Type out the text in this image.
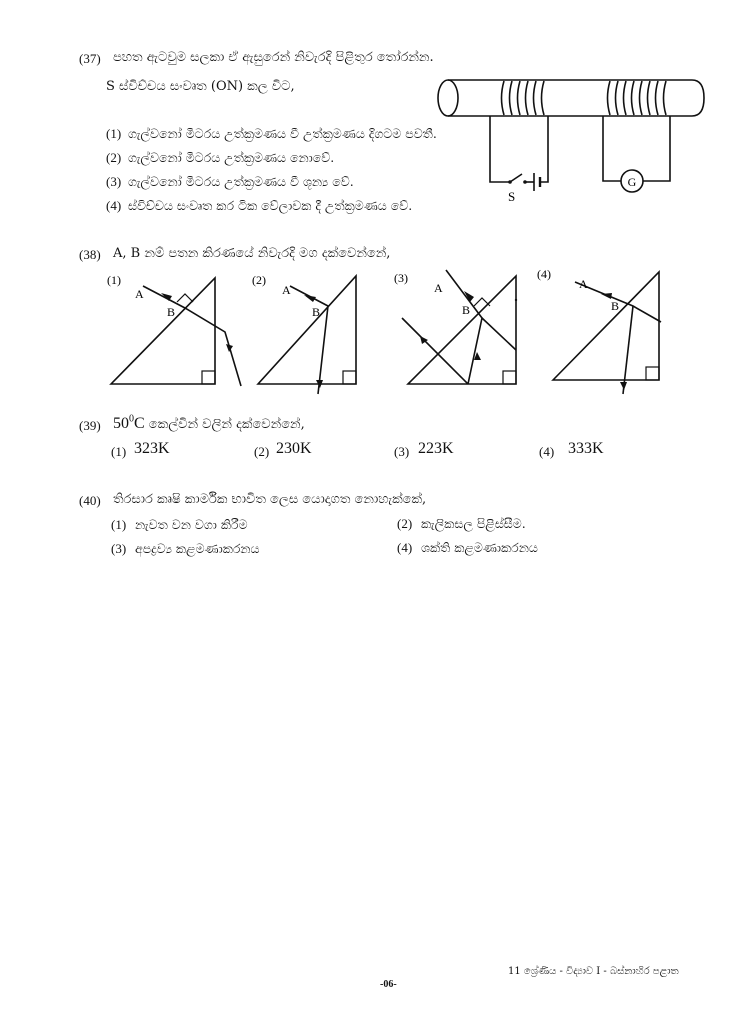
(37) පහත ඇටවුම සලකා ඒ ඇසුරෙන් නිවැරදි පිළිතුර තෝරන්න.
S ස්විච්චය සංවෘත (ON) කල විට,
(1) ගැල්වනෝ මීටරය උත්ක්‍රමණය වී උත්ක්‍රමණය දිගටම පවතී.
(2) ගැල්වනෝ මීටරය උත්ක්‍රමණය නොවේ.
(3) ගැල්වනෝ මීටරය උත්ක්‍රමණය වී ශූන්‍ය වේ.
(4) ස්විච්චය සංවෘත කර ටික වේලාවක දී උත්ක්‍රමණය වේ.
S
G
(38) A, B නම් පතන කිරණයේ නිවැරදි මග දක්වෙන්නේ,
(1)
A
B
(2)
A
B
(3)
A
B
(4)
A
B
(39) $50^0C$ කෙල්වින් වලින් දක්වෙන්නේ,
(1) 323K	(2) 230K	(3) 223K	(4) 333K
(40) තිරසාර කෘෂි කාර්මික භාවිත ලෙස යොදාගත නොහැක්කේ,
(1) නැවත වන වගා කිරීම	(2) කැලිකසල පිළිස්සීම.
(3) අපද්‍රව්‍ය කළමණාකරනය	(4) ශක්ති කළමණාකරනය
11 ශ්‍රේණිය - විද්‍යාව I - බස්නාහිර පළාත
-06-
